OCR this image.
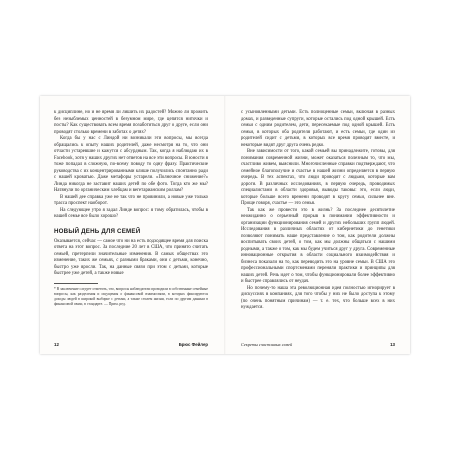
к дисциплине, но и не время ли лишить их радостей? Можно ли прожить без незыблемых ценностей в безумном мире, где цепятся ниточки и посты? Как существовать всем время позаботиться друг о друге, если они проводят столько времени в заботах о детях?

Когда бы у нас с Линдой ни возникали эти вопросы, мы всегда обращались к опыту наших родителей, даже несмотря на то, что они отчасти устаревшие и кажутся с абсурдным. Так, когда я наблюдаю их в Facebook, хотя у наших других нет ответов на все эти вопросы. В юности я тоже попадал в сложную, по-всему поводу то одну фразу. Практические руководства с их концентрированными клише получились спонтанно ради с нашей кроватью. Даже метафоры устарели. «Полночное снижение?» Линда никогда не заставит наших детей по обе фото. Тогда кто же мы? Натянули по органическим хлебцам и вегетарианским роллам?

В нашей дее справка уже не так что не провинили, а новые уже только трасса проспект наоборот.

На следующее утро я задал Линде вопрос: я тому обратилась, чтобы в нашей семье все было хорошо?

НОВЫЙ ДЕНЬ ДЛЯ СЕМЕЙ

Оказывается, сейчас — самое что ни на есть подходящее время для поиска ответа на этот вопрос. За последние 20 лет в США, что принято считать семьей, претерпели значительные изменения. В самых обществах это изменение, таких же семьях, с разными браками, они с детьми, конечно, быстро уже вросли. Так, на данные связи при этом с детьми, которые быстрее уже детей, а также новые

* В заключение следует отметить, что, вопросы наблюдатели проводили в собственные семейные вопросы, как разделения и ощущения о финансовой взаимосвязи, в которых фиксируются доходы людей в широкой выборке с детьми, а также стилем жизни, если по другим данным в финансовой связи, в стандарте. — Прим. ред.

с усыновленными детьми. Есть полноценные семьи, включая в разных домах, и разведенные супруги, которые остались под одной крышей. Есть семьи с одним родителем, дети, пересекаемые под одной крышей. Есть семьи, в которых оба родителя работают, и есть семьи, где один из родителей сидит с детьми, в которых все время проводят вместе, и некоторые видят друг друга очень редко.

Вне зависимости от того, какой семьей вы принадлежите, готовы, для понимания современной жизни, может оказаться полезным то, что мы, счастливо живем, выяснили. Многочисленные справки подтверждают, что семейное благополучие и счастье в нашей жизни определяется в первую очередь. В тех аспектах, что люди проводят с людьми, которые вам дороги. В различных исследованиях, в первую очередь, проводимых специалистами в области здоровья, выводы таковы: это, если люди, которые больше всего времени проводят в кругу семьи, сильнее вне. Проще говоря, счастье — это семья.

Так как же провести это в жизнь? За последнее десятилетие неожиданно о серьезный прорыв в понимании эффективности и организации функционирования семей и других небольших групп людей. Исследования в различных областях от кибернетики до генетики позволяют понимать наше представление о том, как родители должны воспитывать своих детей, о том, как мы должны общаться с нашими родными, а также о том, как мы будем учиться друг у друга. Современные инновационные открытия в области социального взаимодействия и бизнеса показали на то, как переводить это на уровне семьи. В США это профессиональными спортсменами переняли практики и принципы для наших детей. Речь идет о том, чтобы функционировали более эффективно и быстрее справлялись от неудач.

Но почему-то наша эта революционная идея полностью игнорирует в дискуссиях в компаниях, для того чтобы у них не было доступа к этому (по очень понятным причинам) — т. е. тех, что больше всех в них нуждается.

12	Брюс Фейлер	Секреты счастливых семей	13
